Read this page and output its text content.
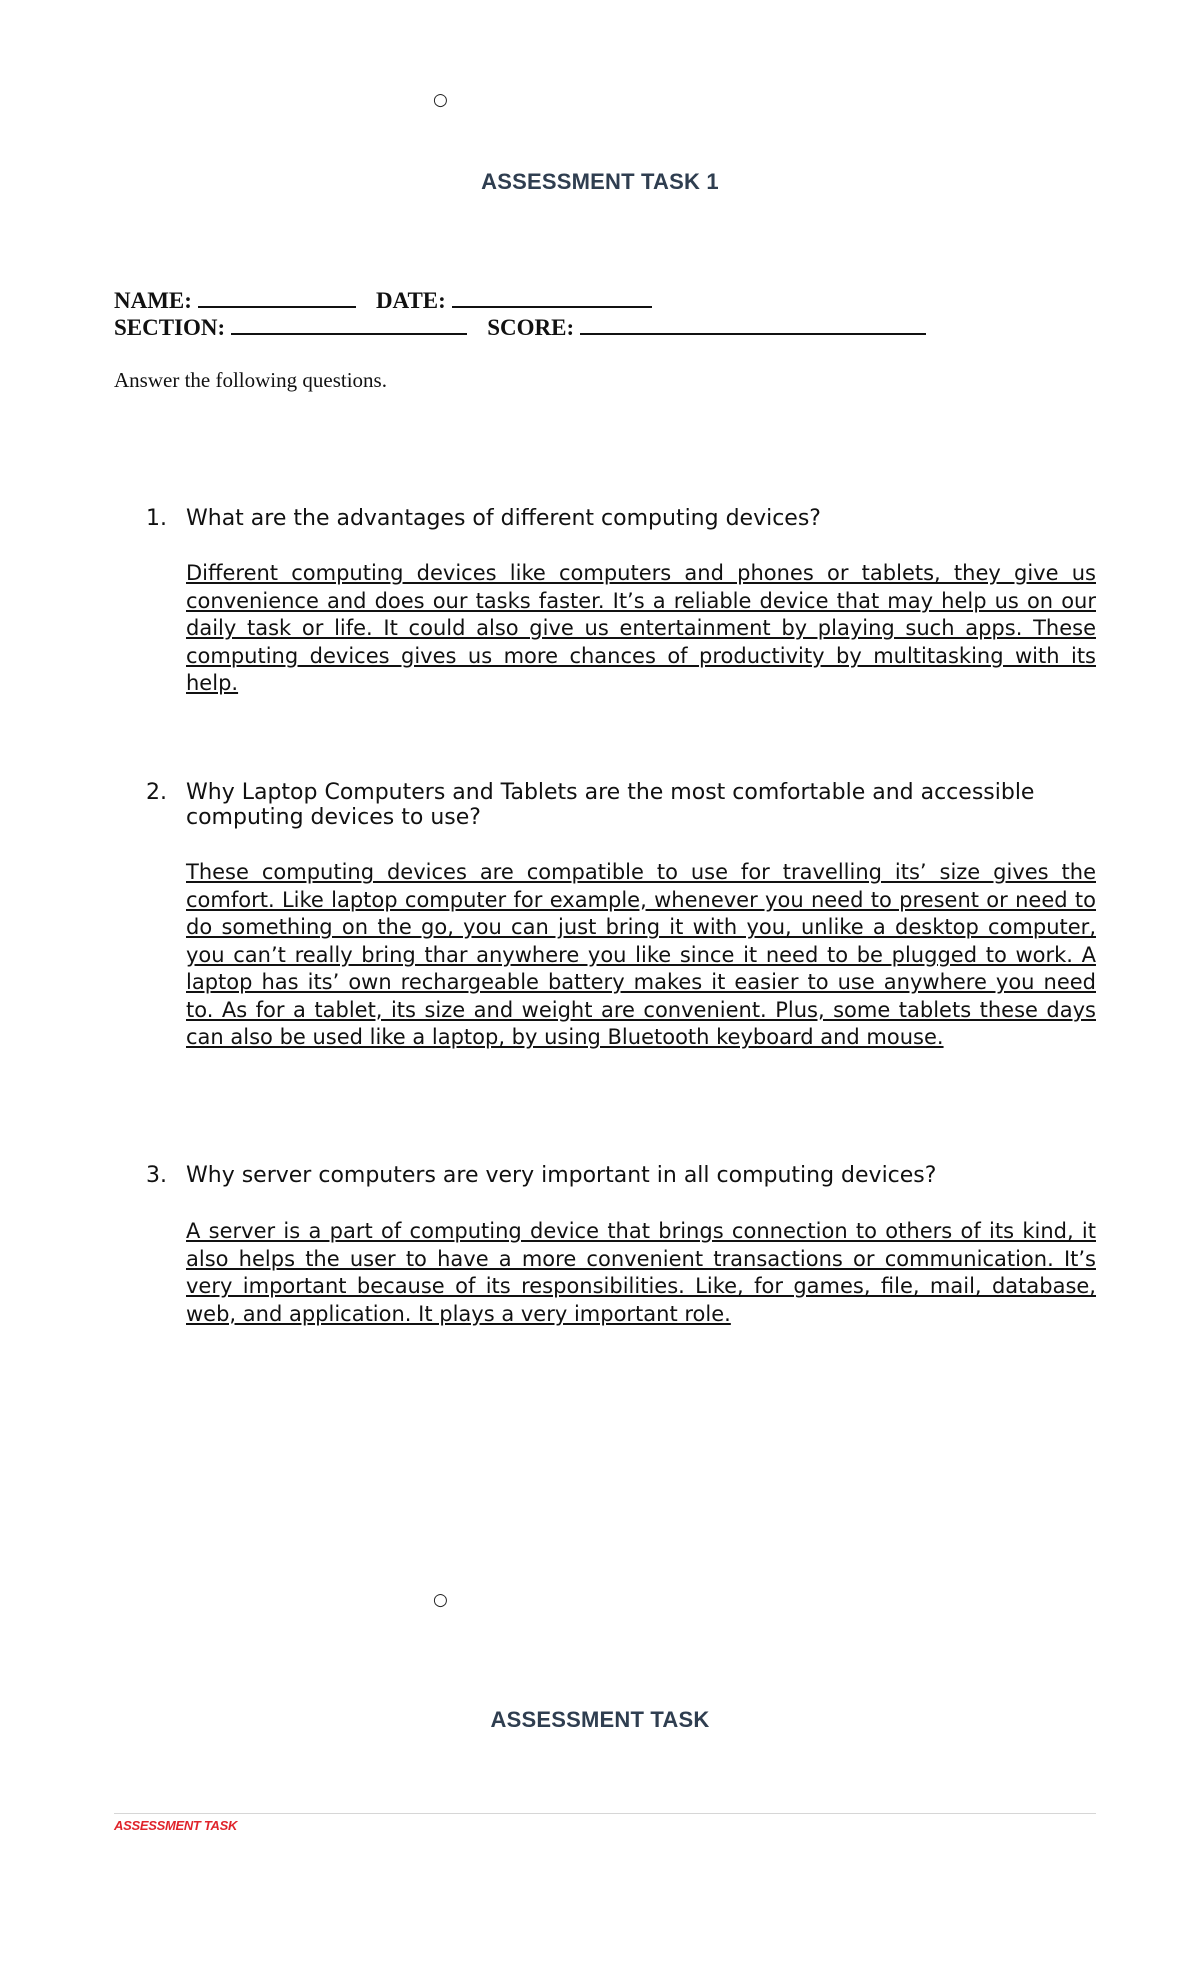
○
ASSESSMENT TASK 1
NAME:	DATE:
SECTION:	SCORE:
Answer the following questions.
1. What are the advantages of different computing devices?
Different computing devices like computers and phones or tablets, they give us convenience and does our tasks faster. It’s a reliable device that may help us on our daily task or life. It could also give us entertainment by playing such apps. These computing devices gives us more chances of productivity by multitasking with its help.
2. Why Laptop Computers and Tablets are the most comfortable and accessible computing devices to use?
These computing devices are compatible to use for travelling its’ size gives the comfort. Like laptop computer for example, whenever you need to present or need to do something on the go, you can just bring it with you, unlike a desktop computer, you can’t really bring thar anywhere you like since it need to be plugged to work. A laptop has its’ own rechargeable battery makes it easier to use anywhere you need to. As for a tablet, its size and weight are convenient. Plus, some tablets these days can also be used like a laptop, by using Bluetooth keyboard and mouse.
3. Why server computers are very important in all computing devices?
A server is a part of computing device that brings connection to others of its kind, it also helps the user to have a more convenient transactions or communication. It’s very important because of its responsibilities. Like, for games, file, mail, database, web, and application. It plays a very important role.
○
ASSESSMENT TASK
ASSESSMENT TASK
